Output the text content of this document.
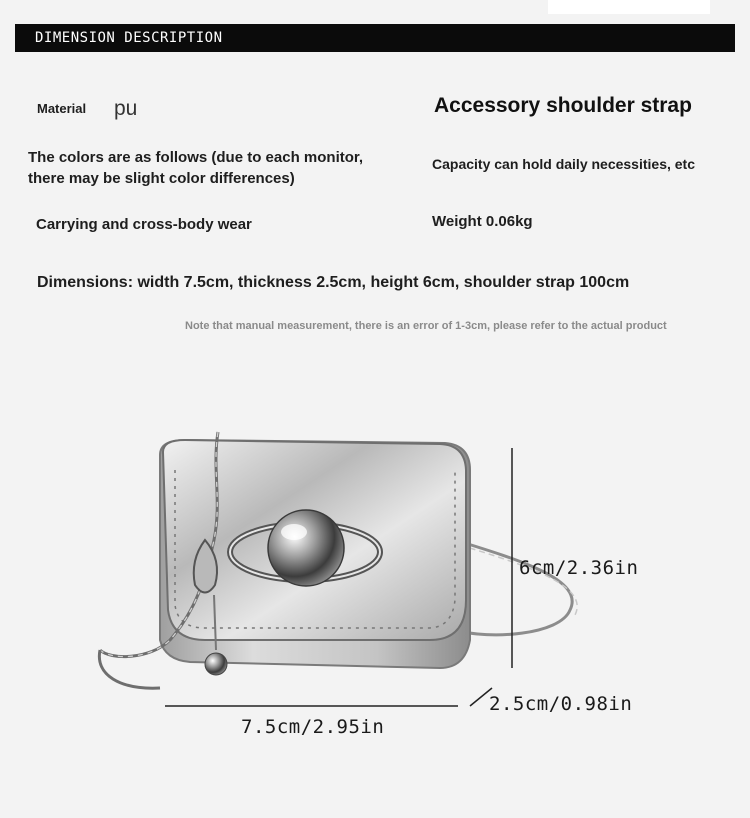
DIMENSION DESCRIPTION
Material pu	Accessory shoulder strap
The colors are as follows (due to each monitor,
there may be slight color differences)
Capacity can hold daily necessities, etc
Carrying and cross-body wear	Weight 0.06kg
Dimensions: width 7.5cm, thickness 2.5cm, height 6cm, shoulder strap 100cm
Note that manual measurement, there is an error of 1-3cm, please refer to the actual product
6cm/2.36in
2.5cm/0.98in
7.5cm/2.95in
